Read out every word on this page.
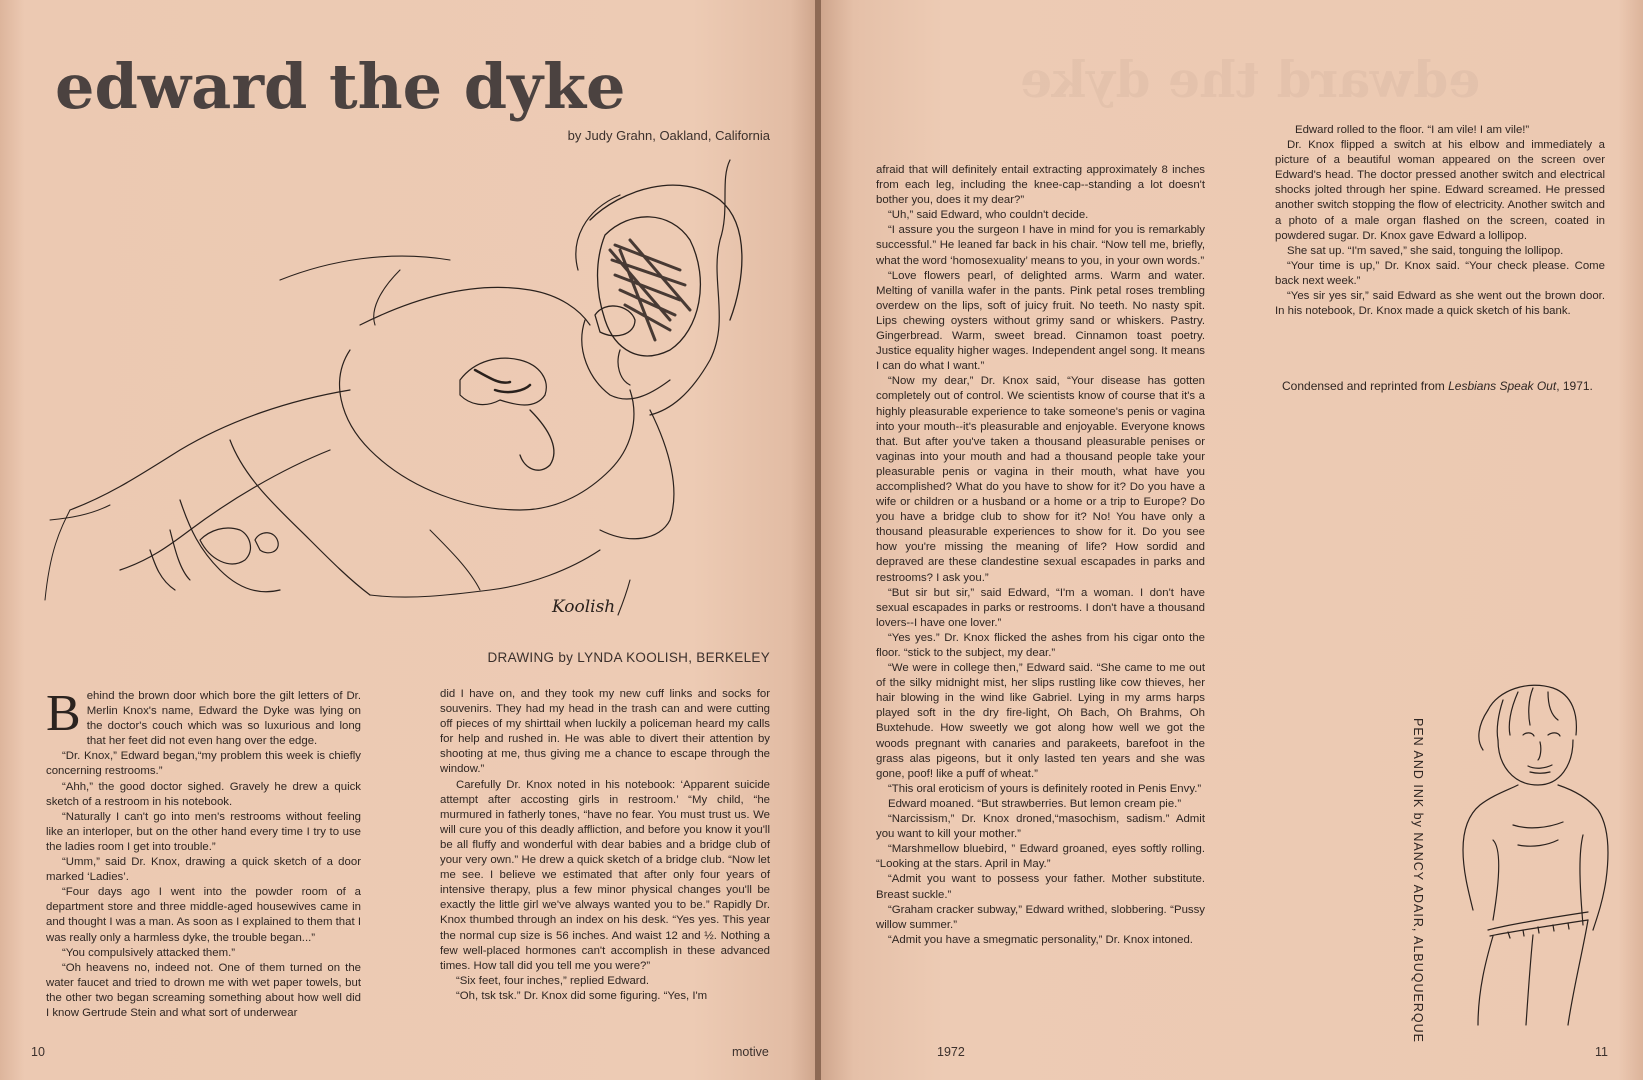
edward the dyke
by Judy Grahn, Oakland, California
Koolish
DRAWING by LYNDA KOOLISH, BERKELEY

Behind the brown door which bore the gilt letters of Dr. Merlin Knox's name, Edward the Dyke was lying on the doctor's couch which was so luxurious and long that her feet did not even hang over the edge.

“Dr. Knox,” Edward began,“my problem this week is chiefly concerning restrooms.”

“Ahh,” the good doctor sighed. Gravely he drew a quick sketch of a restroom in his notebook.

“Naturally I can't go into men's restrooms without feeling like an interloper, but on the other hand every time I try to use the ladies room I get into trouble.”

“Umm,” said Dr. Knox, drawing a quick sketch of a door marked ‘Ladies’.

“Four days ago I went into the powder room of a department store and three middle-aged housewives came in and thought I was a man. As soon as I explained to them that I was really only a harmless dyke, the trouble began...”

“You compulsively attacked them.”

“Oh heavens no, indeed not. One of them turned on the water faucet and tried to drown me with wet paper towels, but the other two began screaming something about how well did I know Gertrude Stein and what sort of underwear

did I have on, and they took my new cuff links and socks for souvenirs. They had my head in the trash can and were cutting off pieces of my shirttail when luckily a policeman heard my calls for help and rushed in. He was able to divert their attention by shooting at me, thus giving me a chance to escape through the window.”

Carefully Dr. Knox noted in his notebook: ‘Apparent suicide attempt after accosting girls in restroom.’ “My child, “he murmured in fatherly tones, “have no fear. You must trust us. We will cure you of this deadly affliction, and before you know it you'll be all fluffy and wonderful with dear babies and a bridge club of your very own.” He drew a quick sketch of a bridge club. “Now let me see. I believe we estimated that after only four years of intensive therapy, plus a few minor physical changes you'll be exactly the little girl we've always wanted you to be.” Rapidly Dr. Knox thumbed through an index on his desk. “Yes yes. This year the normal cup size is 56 inches. And waist 12 and ½. Nothing a few well-placed hormones can't accomplish in these advanced times. How tall did you tell me you were?”

“Six feet, four inches,” replied Edward.

“Oh, tsk tsk.” Dr. Knox did some figuring. “Yes, I'm

10	motive
edward the dyke

afraid that will definitely entail extracting approximately 8 inches from each leg, including the knee-cap--standing a lot doesn't bother you, does it my dear?”

“Uh,” said Edward, who couldn't decide.

“I assure you the surgeon I have in mind for you is remarkably successful.” He leaned far back in his chair. “Now tell me, briefly, what the word ‘homosexuality’ means to you, in your own words.”

“Love flowers pearl, of delighted arms. Warm and water. Melting of vanilla wafer in the pants. Pink petal roses trembling overdew on the lips, soft of juicy fruit. No teeth. No nasty spit. Lips chewing oysters without grimy sand or whiskers. Pastry. Gingerbread. Warm, sweet bread. Cinnamon toast poetry. Justice equality higher wages. Independent angel song. It means I can do what I want.”

“Now my dear,” Dr. Knox said, “Your disease has gotten completely out of control. We scientists know of course that it's a highly pleasurable experience to take someone's penis or vagina into your mouth--it's pleasurable and enjoyable. Everyone knows that. But after you've taken a thousand pleasurable penises or vaginas into your mouth and had a thousand people take your pleasurable penis or vagina in their mouth, what have you accomplished? What do you have to show for it? Do you have a wife or children or a husband or a home or a trip to Europe? Do you have a bridge club to show for it? No! You have only a thousand pleasurable experiences to show for it. Do you see how you're missing the meaning of life? How sordid and depraved are these clandestine sexual escapades in parks and restrooms? I ask you.”

“But sir but sir,” said Edward, “I'm a woman. I don't have sexual escapades in parks or restrooms. I don't have a thousand lovers--I have one lover.”

“Yes yes.” Dr. Knox flicked the ashes from his cigar onto the floor. “stick to the subject, my dear.”

“We were in college then,” Edward said. “She came to me out of the silky midnight mist, her slips rustling like cow thieves, her hair blowing in the wind like Gabriel. Lying in my arms harps played soft in the dry fire-light, Oh Bach, Oh Brahms, Oh Buxtehude. How sweetly we got along how well we got the woods pregnant with canaries and parakeets, barefoot in the grass alas pigeons, but it only lasted ten years and she was gone, poof! like a puff of wheat.”

“This oral eroticism of yours is definitely rooted in Penis Envy.”

Edward moaned. “But strawberries. But lemon cream pie.”

“Narcissism,” Dr. Knox droned,“masochism, sadism.” Admit you want to kill your mother.”

“Marshmellow bluebird, ” Edward groaned, eyes softly rolling. “Looking at the stars. April in May.”

“Admit you want to possess your father. Mother substitute. Breast suckle.”

“Graham cracker subway,” Edward writhed, slobbering. “Pussy willow summer.”

“Admit you have a smegmatic personality,” Dr. Knox intoned.

Edward rolled to the floor. “I am vile! I am vile!”

Dr. Knox flipped a switch at his elbow and immediately a picture of a beautiful woman appeared on the screen over Edward's head. The doctor pressed another switch and electrical shocks jolted through her spine. Edward screamed. He pressed another switch stopping the flow of electricity. Another switch and a photo of a male organ flashed on the screen, coated in powdered sugar. Dr. Knox gave Edward a lollipop.

She sat up. “I'm saved,” she said, tonguing the lollipop.

“Your time is up,” Dr. Knox said. “Your check please. Come back next week.”

“Yes sir yes sir,” said Edward as she went out the brown door. In his notebook, Dr. Knox made a quick sketch of his bank.

Condensed and reprinted from Lesbians Speak Out, 1971.
PEN AND INK by NANCY ADAIR, ALBUQUERQUE
1972	11
